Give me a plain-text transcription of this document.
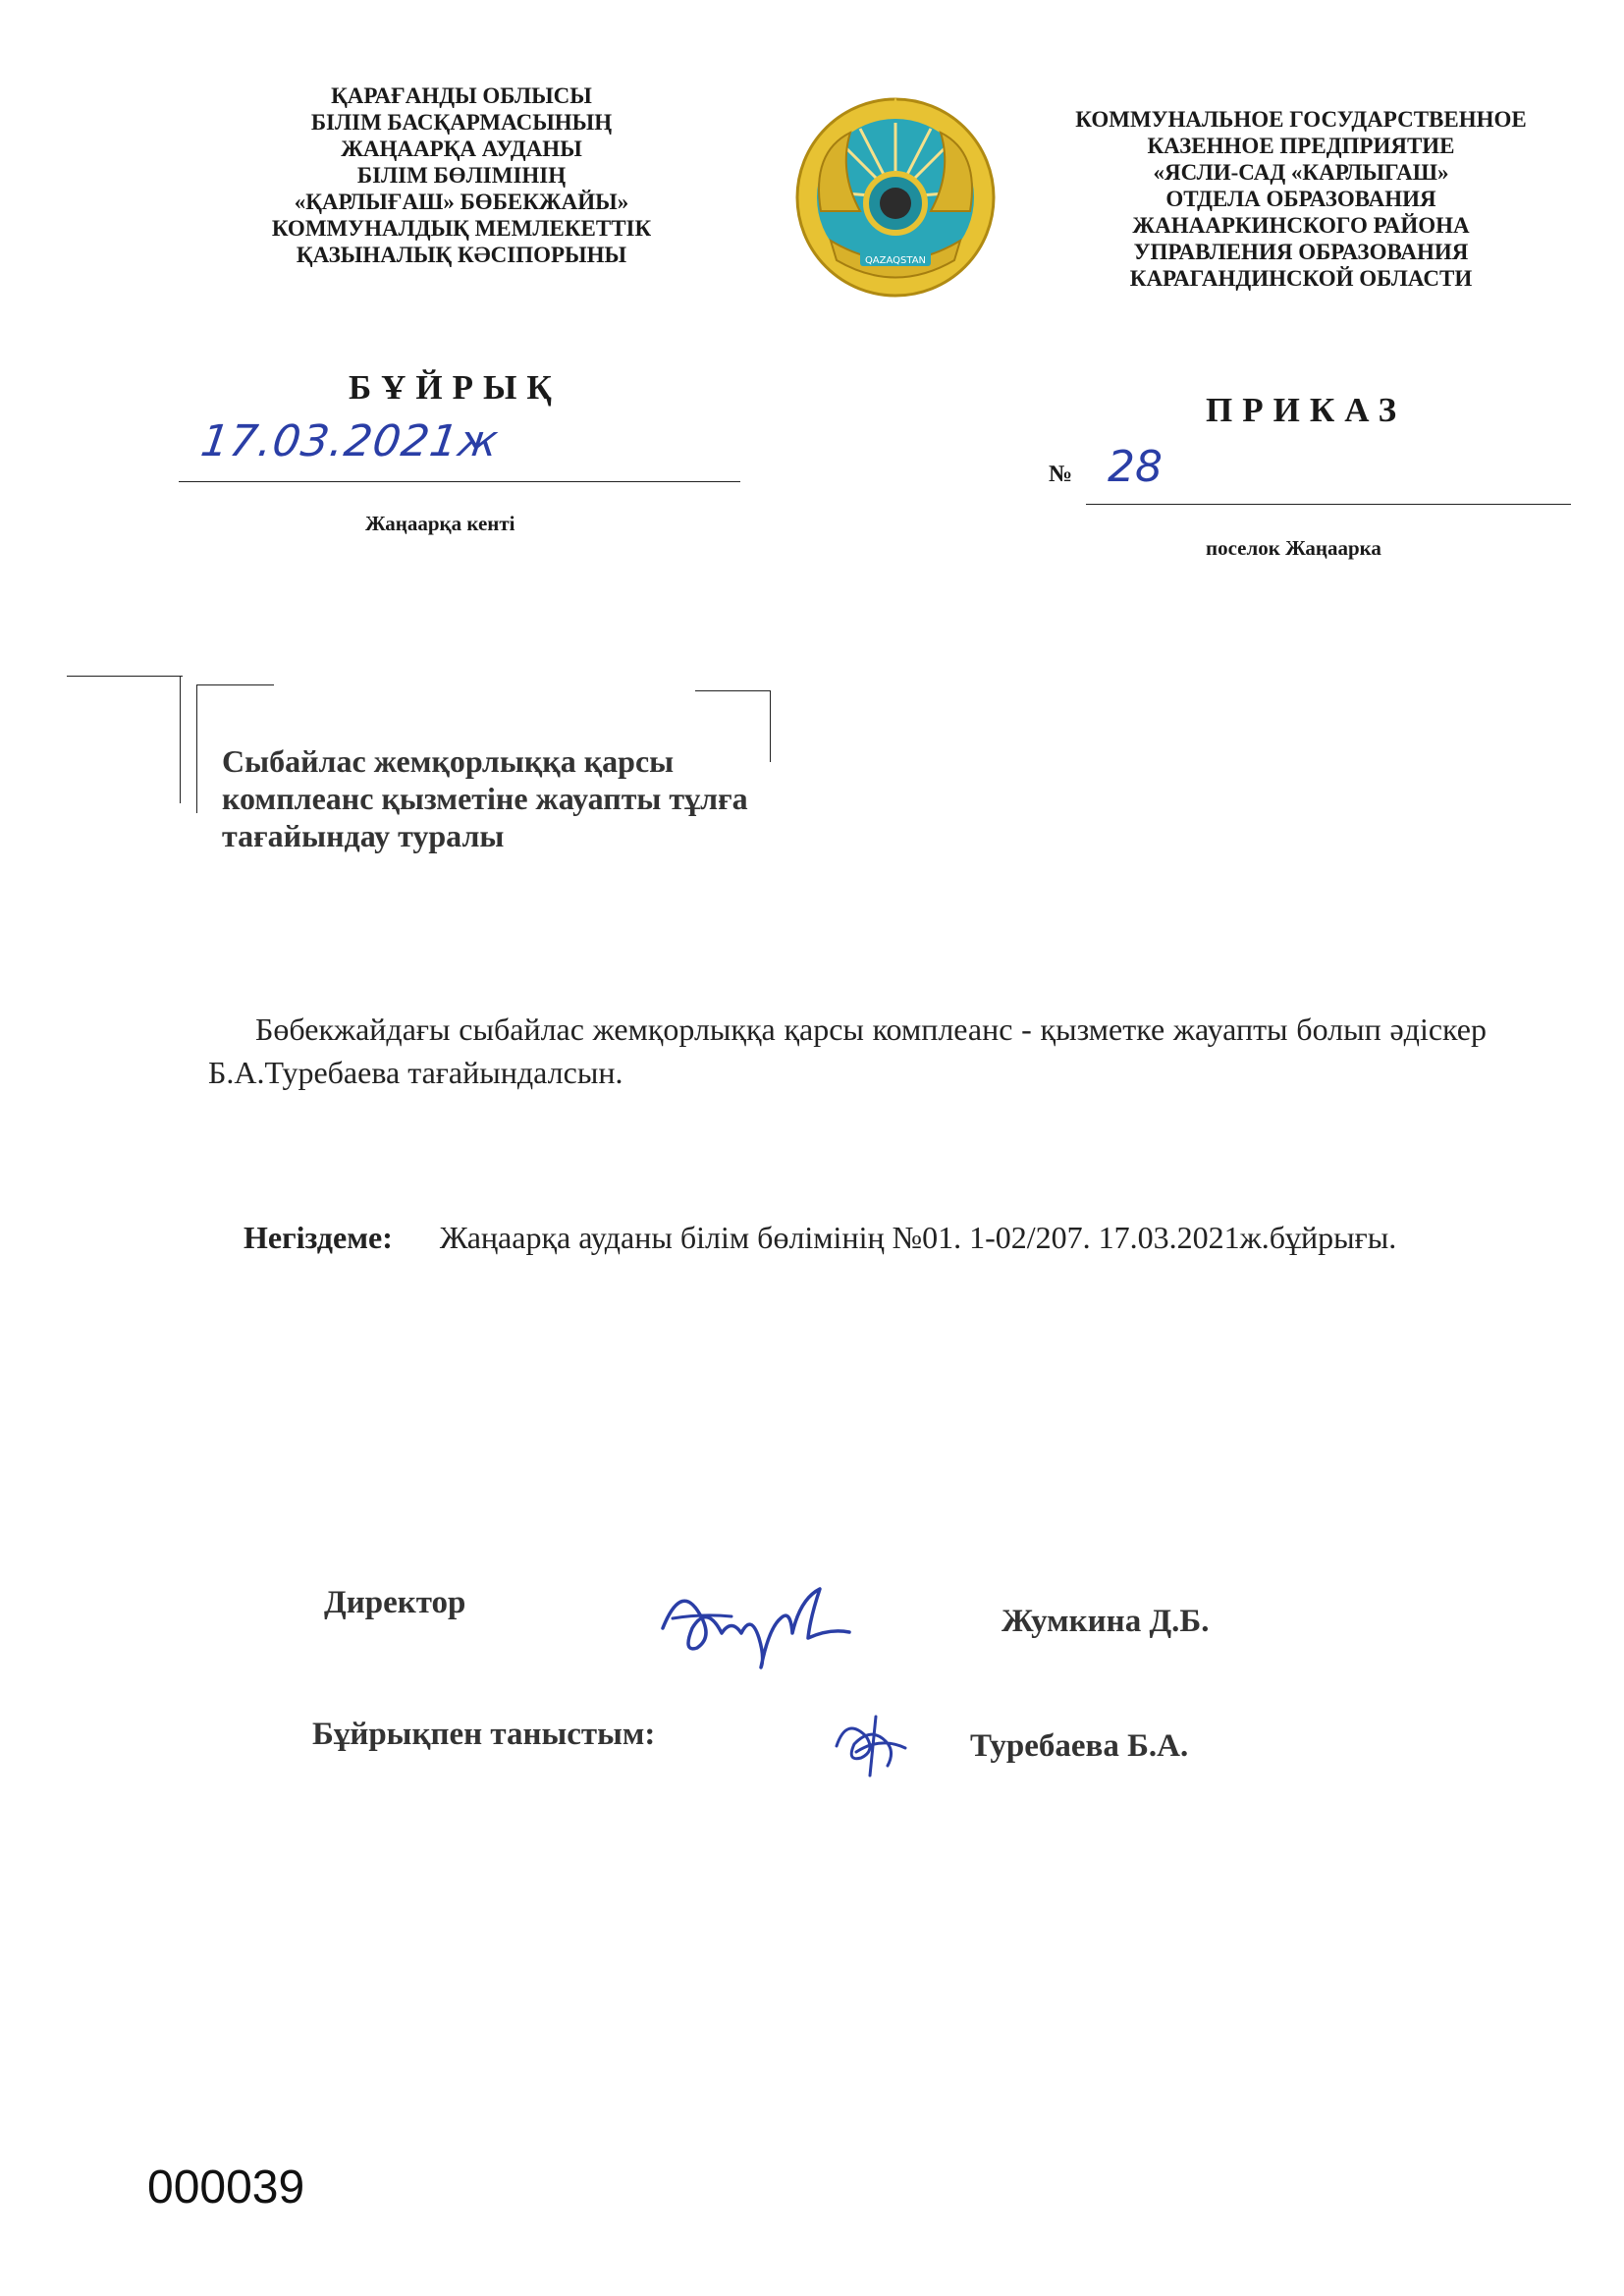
ҚАРАҒАНДЫ ОБЛЫСЫ
БІЛІМ БАСҚАРМАСЫНЫҢ
ЖАҢААРҚА АУДАНЫ
БІЛІМ БӨЛІМІНІҢ
«ҚАРЛЫҒАШ» БӨБЕКЖАЙЫ»
КОММУНАЛДЫҚ МЕМЛЕКЕТТІК
ҚАЗЫНАЛЫҚ КӘСІПОРЫНЫ	QAZAQSTAN
КОММУНАЛЬНОЕ ГОСУДАРСТВЕННОЕ
КАЗЕННОЕ ПРЕДПРИЯТИЕ
«ЯСЛИ-САД «КАРЛЫГАШ»
ОТДЕЛА ОБРАЗОВАНИЯ
ЖАНААРКИНСКОГО РАЙОНА
УПРАВЛЕНИЯ ОБРАЗОВАНИЯ
КАРАГАНДИНСКОЙ ОБЛАСТИ
БҰЙРЫҚ
ПРИКАЗ
17.03.2021ж
№ 28
Жаңаарқа кенті
поселок Жаңаарка
Сыбайлас жемқорлыққа қарсы комплеанс қызметіне жауапты тұлға тағайындау туралы
Бөбекжайдағы сыбайлас жемқорлыққа қарсы комплеанс - қызметке жауапты болып әдіскер Б.А.Туребаева тағайындалсын.
Негіздеме: Жаңаарқа ауданы білім бөлімінің №01. 1-02/207. 17.03.2021ж.бұйрығы.
Директор
Жумкина Д.Б.
Бұйрықпен таныстым:	Туребаева Б.А.
000039
